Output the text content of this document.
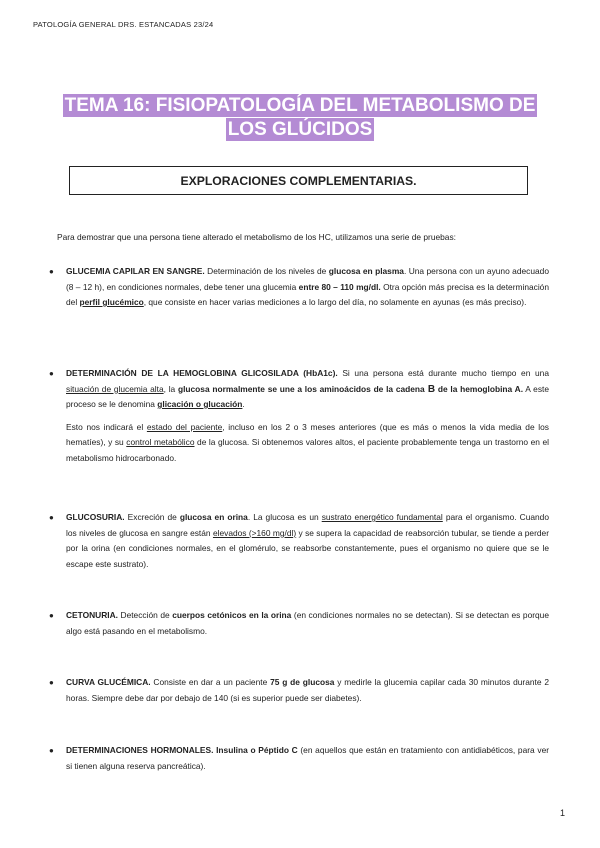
PATOLOGÍA GENERAL DRS. ESTANCADAS 23/24
TEMA 16: FISIOPATOLOGÍA DEL METABOLISMO DE
LOS GLÚCIDOS
EXPLORACIONES COMPLEMENTARIAS.
Para demostrar que una persona tiene alterado el metabolismo de los HC, utilizamos una serie de pruebas:
●	GLUCEMIA CAPILAR EN SANGRE. Determinación de los niveles de glucosa en plasma. Una persona con un ayuno adecuado (8 – 12 h), en condiciones normales, debe tener una glucemia entre 80 – 110 mg/dl. Otra opción más precisa es la determinación del perfil glucémico, que consiste en hacer varias mediciones a lo largo del día, no solamente en ayunas (es más preciso).

●	DETERMINACIÓN DE LA HEMOGLOBINA GLICOSILADA (HbA1c). Si una persona está durante mucho tiempo en una situación de glucemia alta, la glucosa normalmente se une a los aminoácidos de la cadena B de la hemoglobina A. A este proceso se le denomina glicación o glucación.

Esto nos indicará el estado del paciente, incluso en los 2 o 3 meses anteriores (que es más o menos la vida media de los hematíes), y su control metabólico de la glucosa. Si obtenemos valores altos, el paciente probablemente tenga un trastorno en el metabolismo hidrocarbonado.

●	GLUCOSURIA. Excreción de glucosa en orina. La glucosa es un sustrato energético fundamental para el organismo. Cuando los niveles de glucosa en sangre están elevados (>160 mg/dl) y se supera la capacidad de reabsorción tubular, se tiende a perder por la orina (en condiciones normales, en el glomérulo, se reabsorbe constantemente, pues el organismo no quiere que se le escape este sustrato).

●	CETONURIA. Detección de cuerpos cetónicos en la orina (en condiciones normales no se detectan). Si se detectan es porque algo está pasando en el metabolismo.

●	CURVA GLUCÉMICA. Consiste en dar a un paciente 75 g de glucosa y medirle la glucemia capilar cada 30 minutos durante 2 horas. Siempre debe dar por debajo de 140 (si es superior puede ser diabetes).

●	DETERMINACIONES HORMONALES. Insulina o Péptido C (en aquellos que están en tratamiento con antidiabéticos, para ver si tienen alguna reserva pancreática).

1
